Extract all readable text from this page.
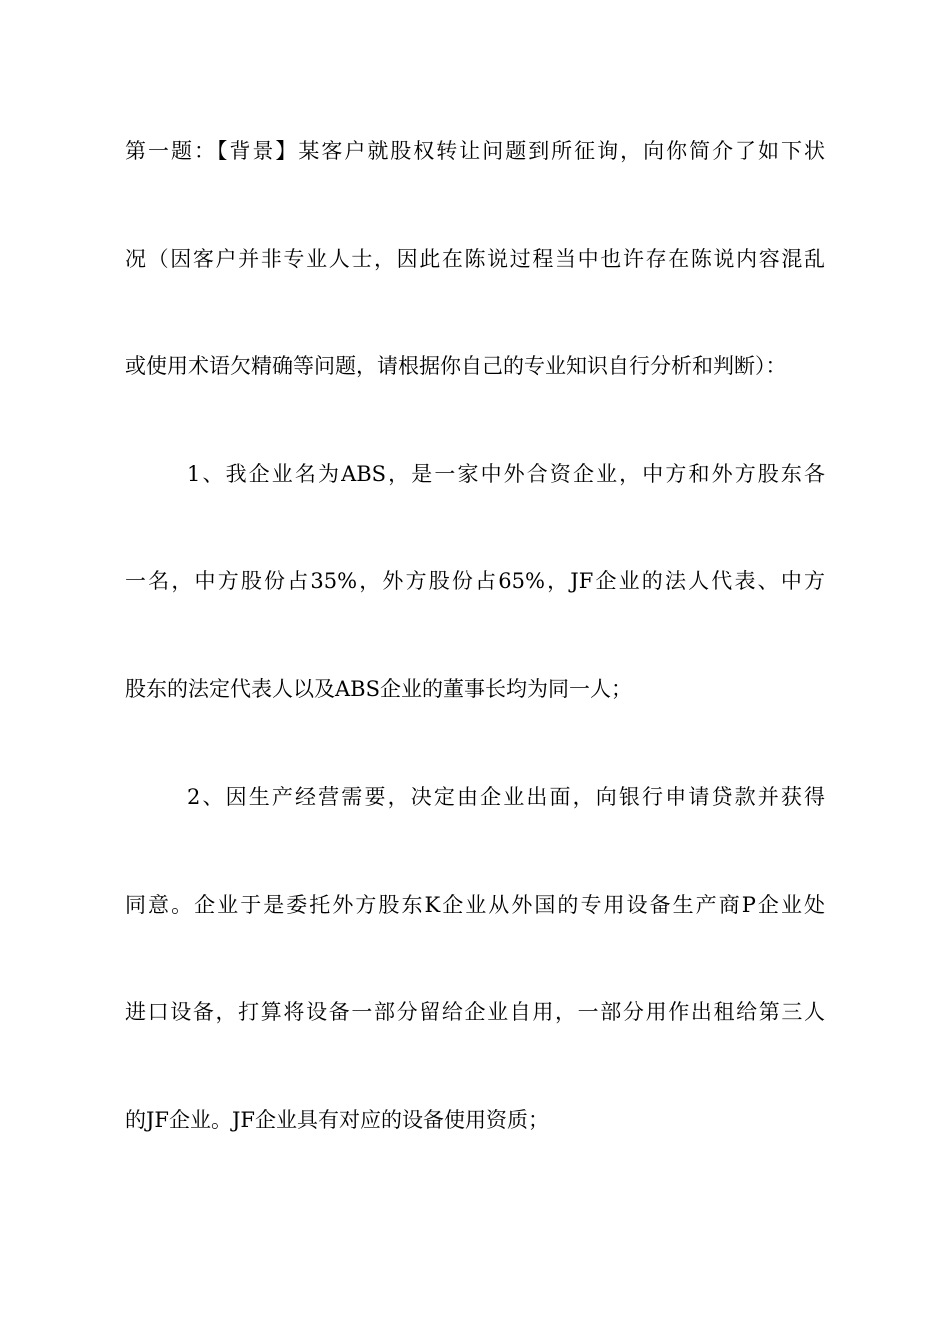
第一题：【背景】某客户就股权转让问题到所征询，向你简介了如下状
况（因客户并非专业人士，因此在陈说过程当中也许存在陈说内容混乱
或使用术语欠精确等问题，请根据你自己的专业知识自行分析和判断）：
1、我企业名为ABS，是一家中外合资企业，中方和外方股东各
一名，中方股份占35%，外方股份占65%，JF企业的法人代表、中方
股东的法定代表人以及ABS企业的董事长均为同一人；
2、因生产经营需要，决定由企业出面，向银行申请贷款并获得
同意。企业于是委托外方股东K企业从外国的专用设备生产商P企业处
进口设备，打算将设备一部分留给企业自用，一部分用作出租给第三人
的JF企业。JF企业具有对应的设备使用资质；
